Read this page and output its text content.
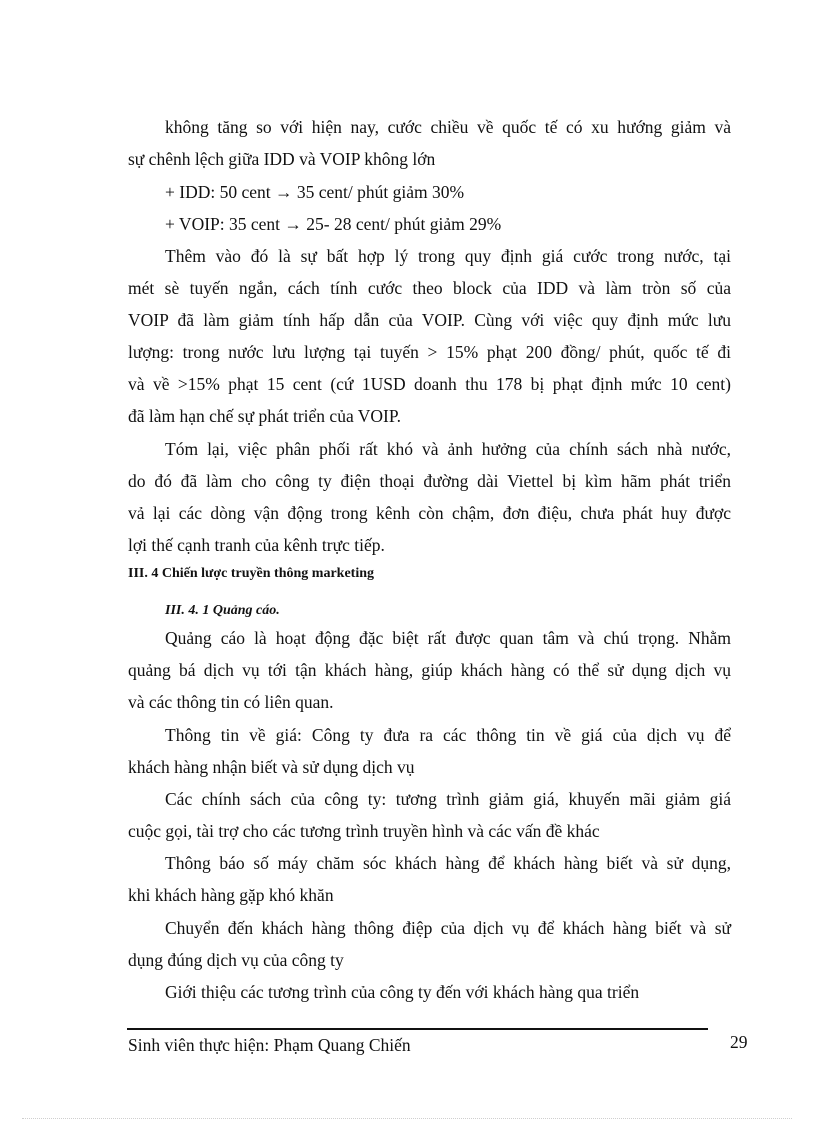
không tăng so với hiện nay, cước chiều về quốc tế có xu hướng giảm và
sự chênh lệch giữa IDD và VOIP không lớn
+ IDD: 50 cent → 35 cent/ phút giảm 30%
+ VOIP: 35 cent → 25- 28 cent/ phút giảm 29%
Thêm vào đó là sự bất hợp lý trong quy định giá cước trong nước, tại
mét sè tuyến ngắn, cách tính cước theo block của IDD và làm tròn số của
VOIP đã làm giảm tính hấp dẫn của VOIP. Cùng với việc quy định mức lưu
lượng: trong nước lưu lượng tại tuyến > 15% phạt 200 đồng/ phút, quốc tế đi
và về >15% phạt 15 cent (cứ 1USD doanh thu 178 bị phạt định mức 10 cent)
đã làm hạn chế sự phát triển của VOIP.
Tóm lại, việc phân phối rất khó và ảnh hưởng của chính sách nhà nước,
do đó đã làm cho công ty điện thoại đường dài Viettel bị kìm hãm phát triển
vả lại các dòng vận động trong kênh còn chậm, đơn điệu, chưa phát huy được
lợi thế cạnh tranh của kênh trực tiếp.
III. 4 Chiến lược truyền thông marketing
III. 4. 1 Quảng cáo.
Quảng cáo là hoạt động đặc biệt rất được quan tâm và chú trọng. Nhằm
quảng bá dịch vụ tới tận khách hàng, giúp khách hàng có thể sử dụng dịch vụ
và các thông tin có liên quan.
Thông tin về giá: Công ty đưa ra các thông tin về giá của dịch vụ để
khách hàng nhận biết và sử dụng dịch vụ
Các chính sách của công ty: tương trình giảm giá, khuyến mãi giảm giá
cuộc gọi, tài trợ cho các tương trình truyền hình và các vấn đề khác
Thông báo số máy chăm sóc khách hàng để khách hàng biết và sử dụng,
khi khách hàng gặp khó khăn
Chuyển đến khách hàng thông điệp của dịch vụ để khách hàng biết và sử
dụng đúng dịch vụ của công ty
Giới thiệu các tương trình của công ty đến với khách hàng qua triển
Sinh viên thực hiện: Phạm Quang Chiến	29
